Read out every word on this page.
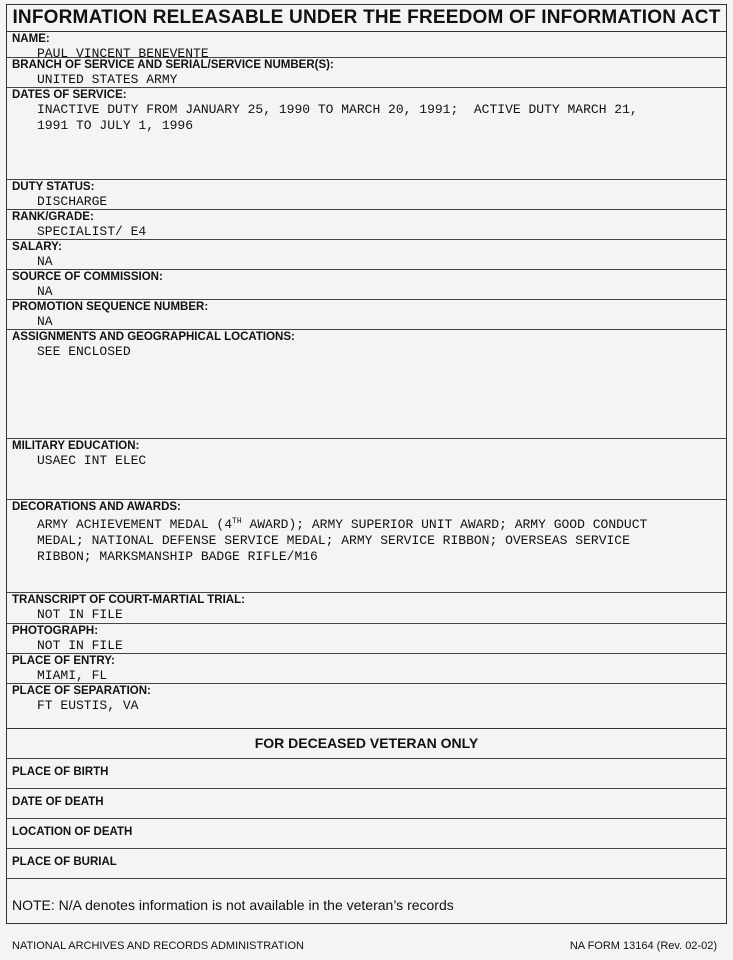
INFORMATION RELEASABLE UNDER THE FREEDOM OF INFORMATION ACT
NAME:
PAUL VINCENT BENEVENTE
BRANCH OF SERVICE AND SERIAL/SERVICE NUMBER(S):
UNITED STATES ARMY
DATES OF SERVICE:
INACTIVE DUTY FROM JANUARY 25, 1990 TO MARCH 20, 1991;  ACTIVE DUTY MARCH 21,
1991 TO JULY 1, 1996
DUTY STATUS:
DISCHARGE
RANK/GRADE:
SPECIALIST/ E4
SALARY:
NA
SOURCE OF COMMISSION:
NA
PROMOTION SEQUENCE NUMBER:
NA
ASSIGNMENTS AND GEOGRAPHICAL LOCATIONS:
SEE ENCLOSED
MILITARY EDUCATION:
USAEC INT ELEC
DECORATIONS AND AWARDS:
ARMY ACHIEVEMENT MEDAL (4TH AWARD); ARMY SUPERIOR UNIT AWARD; ARMY GOOD CONDUCT
MEDAL; NATIONAL DEFENSE SERVICE MEDAL; ARMY SERVICE RIBBON; OVERSEAS SERVICE
RIBBON; MARKSMANSHIP BADGE RIFLE/M16
TRANSCRIPT OF COURT-MARTIAL TRIAL:
NOT IN FILE
PHOTOGRAPH:
NOT IN FILE
PLACE OF ENTRY:
MIAMI, FL
PLACE OF SEPARATION:
FT EUSTIS, VA
FOR DECEASED VETERAN ONLY
PLACE OF BIRTH
DATE OF DEATH
LOCATION OF DEATH
PLACE OF BURIAL
NOTE: N/A denotes information is not available in the veteran’s records
NATIONAL ARCHIVES AND RECORDS ADMINISTRATION	NA FORM 13164 (Rev. 02-02)
